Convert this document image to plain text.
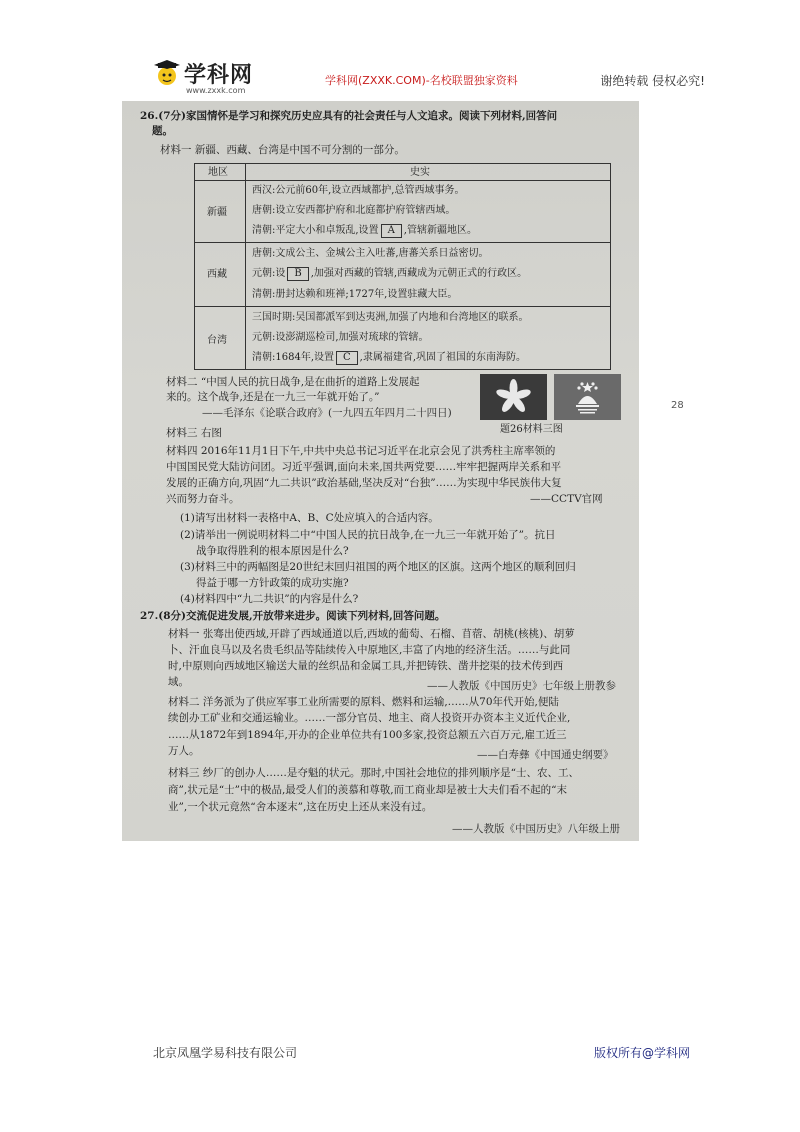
学科网
www.zxxk.com
学科网(ZXXK.COM)-名校联盟独家资料	谢绝转载 侵权必究!
26.(7分)家国情怀是学习和探究历史应具有的社会责任与人文追求。阅读下列材料,回答问
题。
材料一 新疆、西藏、台湾是中国不可分割的一部分。
地区	史实
新疆
西汉:公元前60年,设立西域都护,总管西域事务。
唐朝:设立安西都护府和北庭都护府管辖西域。
清朝:平定大小和卓叛乱,设置 A ,管辖新疆地区。
西藏
唐朝:文成公主、金城公主入吐蕃,唐蕃关系日益密切。
元朝:设 B ,加强对西藏的管辖,西藏成为元朝正式的行政区。
清朝:册封达赖和班禅;1727年,设置驻藏大臣。
台湾
三国时期:吴国都派军到达夷洲,加强了内地和台湾地区的联系。
元朝:设澎湖巡检司,加强对琉球的管辖。
清朝:1684年,设置 C ,隶属福建省,巩固了祖国的东南海防。
材料二 “中国人民的抗日战争,是在曲折的道路上发展起
来的。这个战争,还是在一九三一年就开始了。”
——毛泽东《论联合政府》(一九四五年四月二十四日)
题26材料三图
材料三 右图
材料四 2016年11月1日下午,中共中央总书记习近平在北京会见了洪秀柱主席率领的
中国国民党大陆访问团。习近平强调,面向未来,国共两党要……牢牢把握两岸关系和平
发展的正确方向,巩固“九二共识”政治基础,坚决反对“台独”……为实现中华民族伟大复
兴而努力奋斗。	——CCTV官网
(1)请写出材料一表格中A、B、C处应填入的合适内容。
(2)请举出一例说明材料二中“中国人民的抗日战争,在一九三一年就开始了”。抗日
战争取得胜利的根本原因是什么?
(3)材料三中的两幅图是20世纪末回归祖国的两个地区的区旗。这两个地区的顺利回归
得益于哪一方针政策的成功实施?
(4)材料四中“九二共识”的内容是什么?
27.(8分)交流促进发展,开放带来进步。阅读下列材料,回答问题。
材料一 张骞出使西域,开辟了西域通道以后,西域的葡萄、石榴、苜蓿、胡桃(核桃)、胡萝
卜、汗血良马以及名贵毛织品等陆续传入中原地区,丰富了内地的经济生活。……与此同
时,中原则向西域地区输送大量的丝织品和金属工具,并把铸铁、凿井挖渠的技术传到西
域。	——人教版《中国历史》七年级上册教参
材料二 洋务派为了供应军事工业所需要的原料、燃料和运输,……从70年代开始,便陆
续创办工矿业和交通运输业。……一部分官员、地主、商人投资开办资本主义近代企业,
……从1872年到1894年,开办的企业单位共有100多家,投资总额五六百万元,雇工近三
万人。	——白寿彝《中国通史纲要》
材料三 纱厂的创办人……是夺魁的状元。那时,中国社会地位的排列顺序是“士、农、工、
商”,状元是“士”中的极品,最受人们的羡慕和尊敬,而工商业却是被士大夫们看不起的“末
业”,一个状元竟然“舍本逐末”,这在历史上还从来没有过。
——人教版《中国历史》八年级上册
28
北京凤凰学易科技有限公司	版权所有@学科网
